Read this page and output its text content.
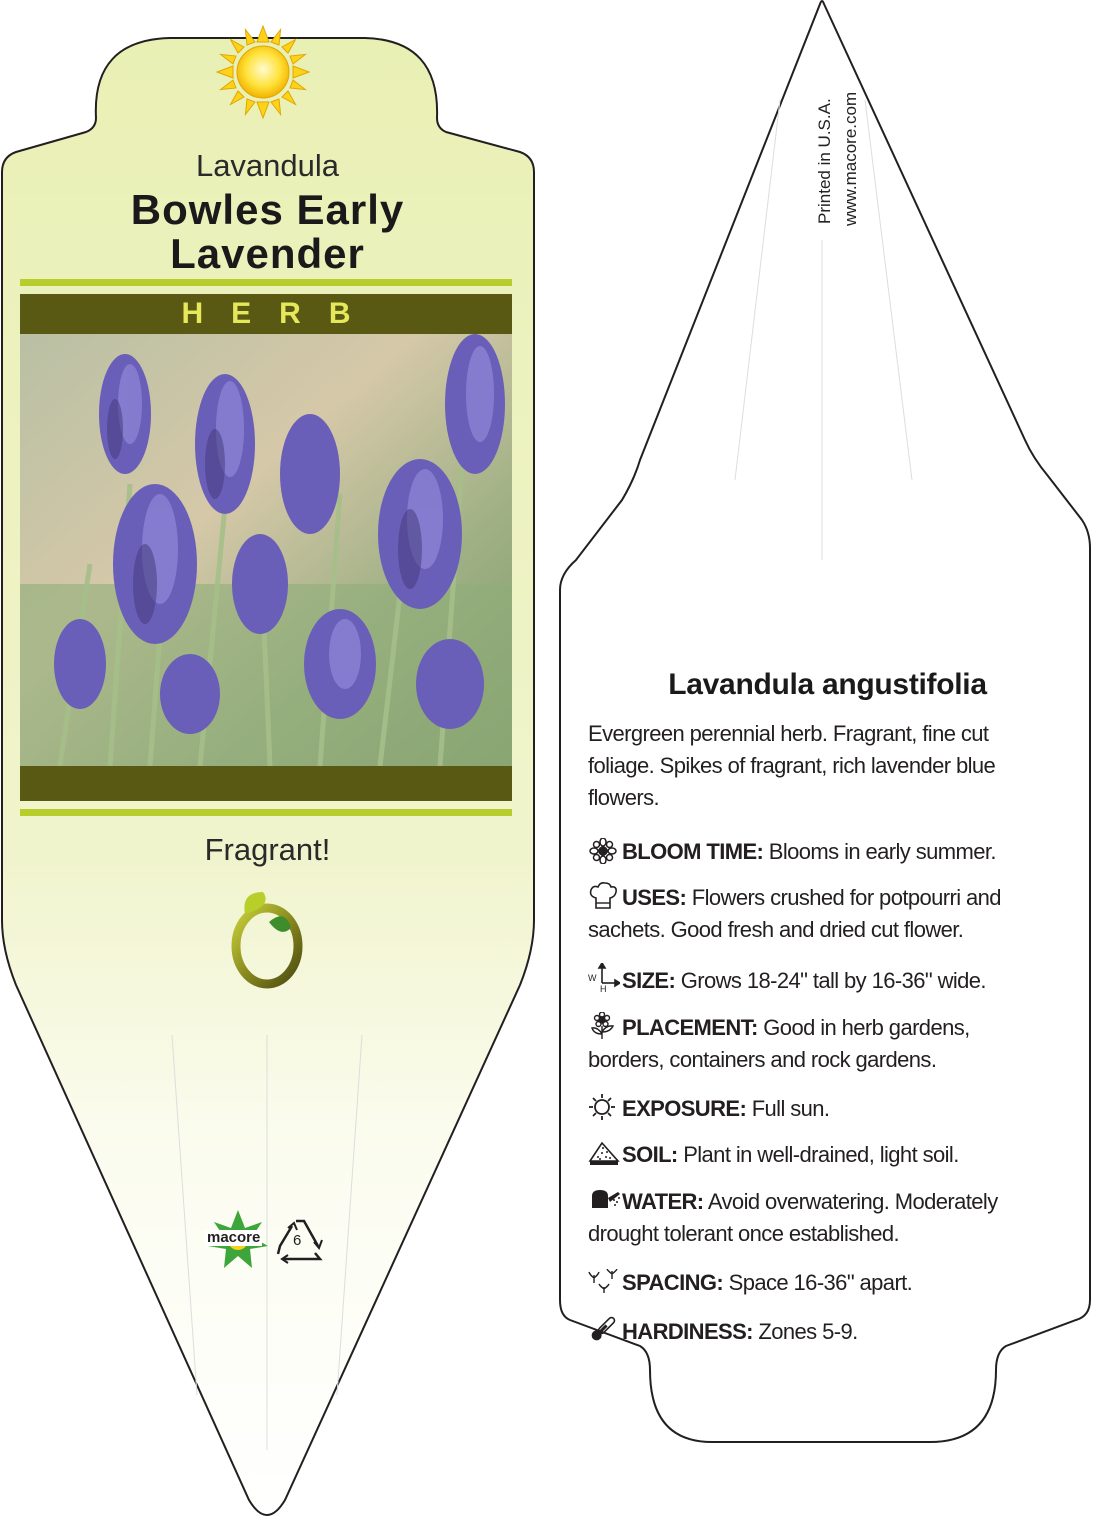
Lavandula
Bowles Early
Lavender
HERB
Fragrant!
macore 6
Printed in U.S.A. www.macore.com
Lavandula angustifolia
Evergreen perennial herb. Fragrant, fine cut foliage. Spikes of fragrant, rich lavender blue flowers.
BLOOM TIME: Blooms in early summer.
USES: Flowers crushed for potpourri and sachets. Good fresh and dried cut flower.
W
H SIZE: Grows 18-24" tall by 16-36" wide.
PLACEMENT: Good in herb gardens, borders, containers and rock gardens.
EXPOSURE: Full sun.
SOIL: Plant in well-drained, light soil.
WATER: Avoid overwatering. Moderately drought tolerant once established.
SPACING: Space 16-36" apart.
HARDINESS: Zones 5-9.
